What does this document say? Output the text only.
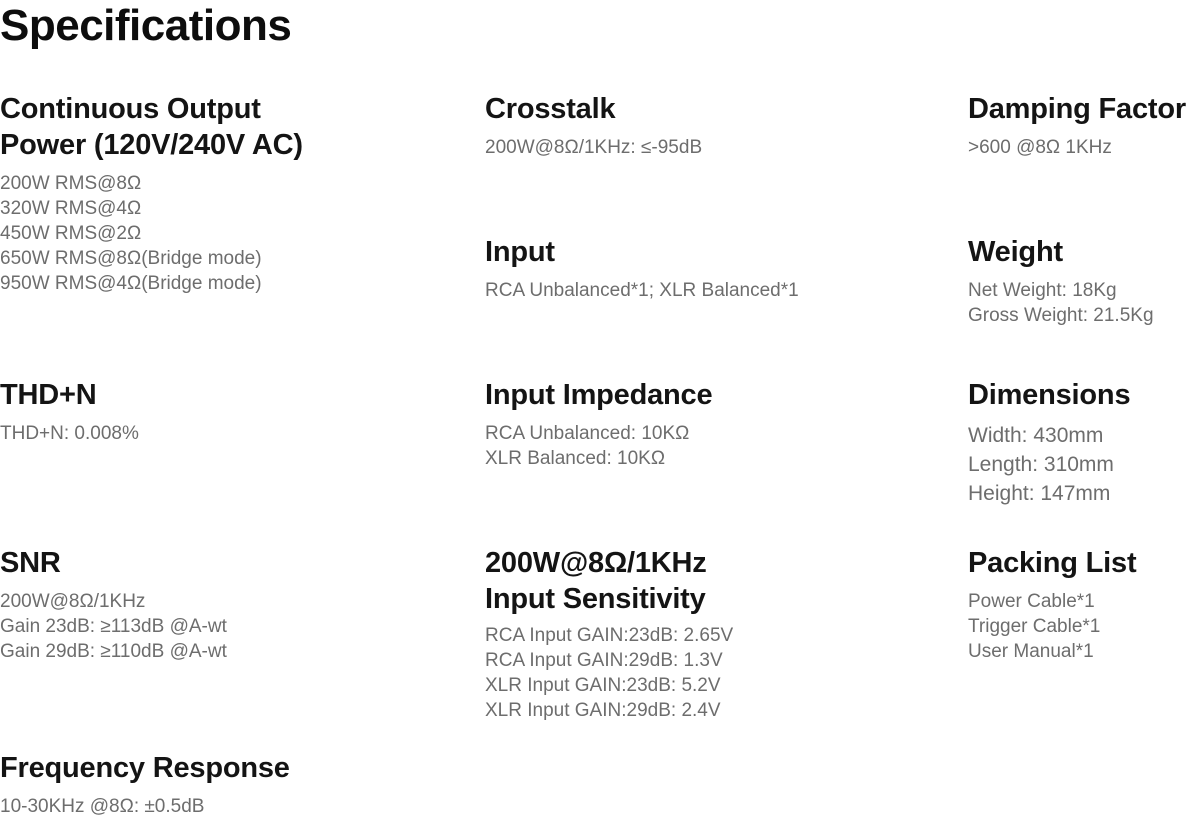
Specifications
Continuous Output
Power (120V/240V AC)
200W RMS@8Ω
320W RMS@4Ω
450W RMS@2Ω
650W RMS@8Ω(Bridge mode)
950W RMS@4Ω(Bridge mode)
THD+N
THD+N: 0.008%
SNR
200W@8Ω/1KHz
Gain 23dB: ≥113dB @A-wt
Gain 29dB: ≥110dB @A-wt
Frequency Response
10-30KHz @8Ω: ±0.5dB
Crosstalk
200W@8Ω/1KHz: ≤-95dB
Input
RCA Unbalanced*1; XLR Balanced*1
Input Impedance
RCA Unbalanced: 10KΩ
XLR Balanced: 10KΩ
200W@8Ω/1KHz
Input Sensitivity
RCA Input GAIN:23dB: 2.65V
RCA Input GAIN:29dB: 1.3V
XLR Input GAIN:23dB: 5.2V
XLR Input GAIN:29dB: 2.4V
Damping Factor
>600 @8Ω 1KHz
Weight
Net Weight: 18Kg
Gross Weight: 21.5Kg
Dimensions
Width: 430mm
Length: 310mm
Height: 147mm
Packing List
Power Cable*1
Trigger Cable*1
User Manual*1
